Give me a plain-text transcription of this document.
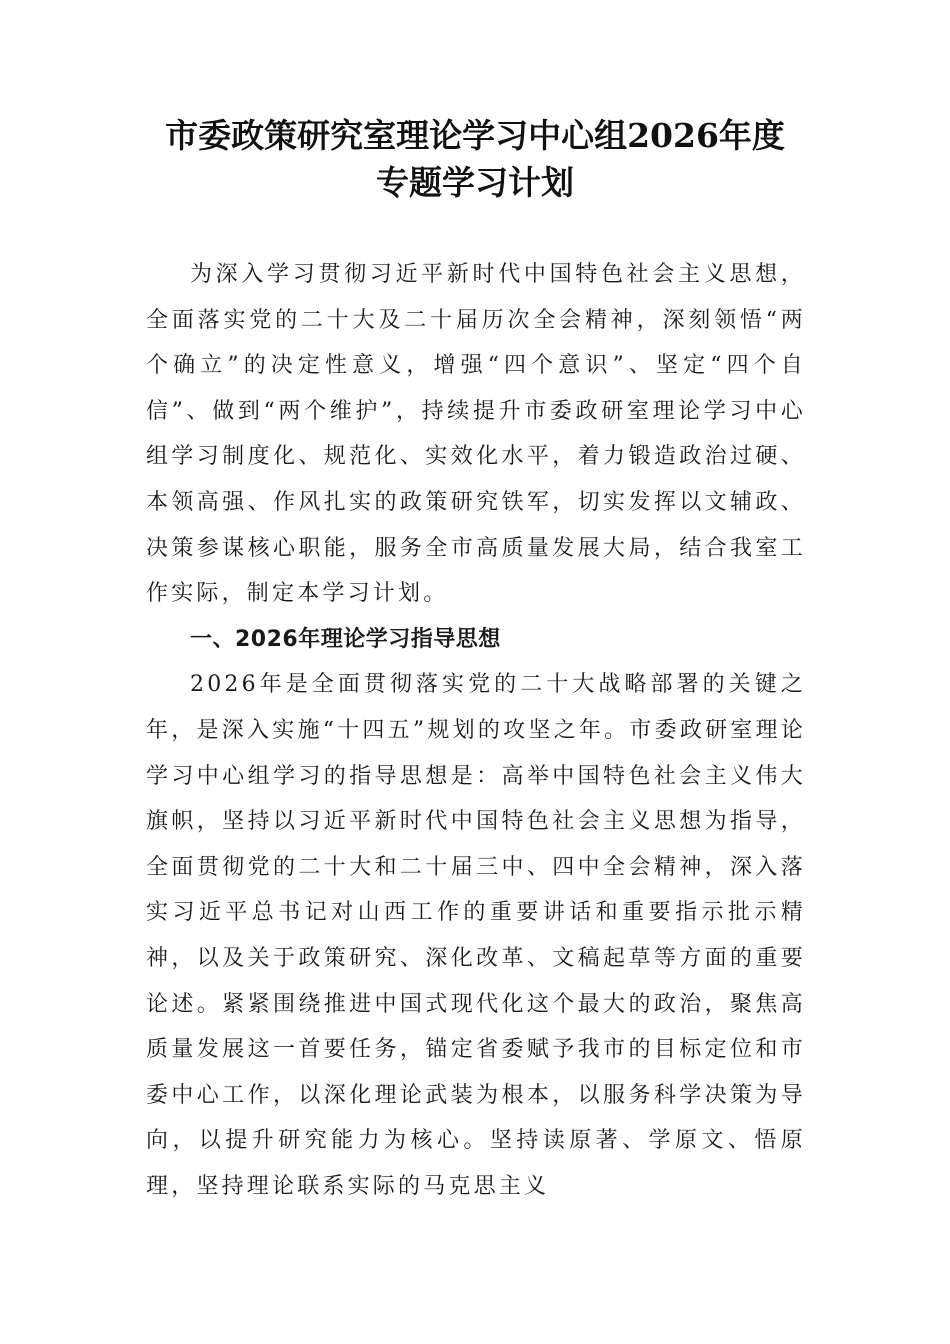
市委政策研究室理论学习中心组2026年度
专题学习计划

为深入学习贯彻习近平新时代中国特色社会主义思想，全面落实党的二十大及二十届历次全会精神，深刻领悟“两个确立”的决定性意义，增强“四个意识”、坚定“四个自信”、做到“两个维护”，持续提升市委政研室理论学习中心组学习制度化、规范化、实效化水平，着力锻造政治过硬、本领高强、作风扎实的政策研究铁军，切实发挥以文辅政、决策参谋核心职能，服务全市高质量发展大局，结合我室工作实际，制定本学习计划。

一、2026年理论学习指导思想

2026年是全面贯彻落实党的二十大战略部署的关键之年，是深入实施“十四五”规划的攻坚之年。市委政研室理论学习中心组学习的指导思想是：高举中国特色社会主义伟大旗帜，坚持以习近平新时代中国特色社会主义思想为指导，全面贯彻党的二十大和二十届三中、四中全会精神，深入落实习近平总书记对山西工作的重要讲话和重要指示批示精神，以及关于政策研究、深化改革、文稿起草等方面的重要论述。紧紧围绕推进中国式现代化这个最大的政治，聚焦高质量发展这一首要任务，锚定省委赋予我市的目标定位和市委中心工作，以深化理论武装为根本，以服务科学决策为导向，以提升研究能力为核心。坚持读原著、学原文、悟原理，坚持理论联系实际的马克思主义
